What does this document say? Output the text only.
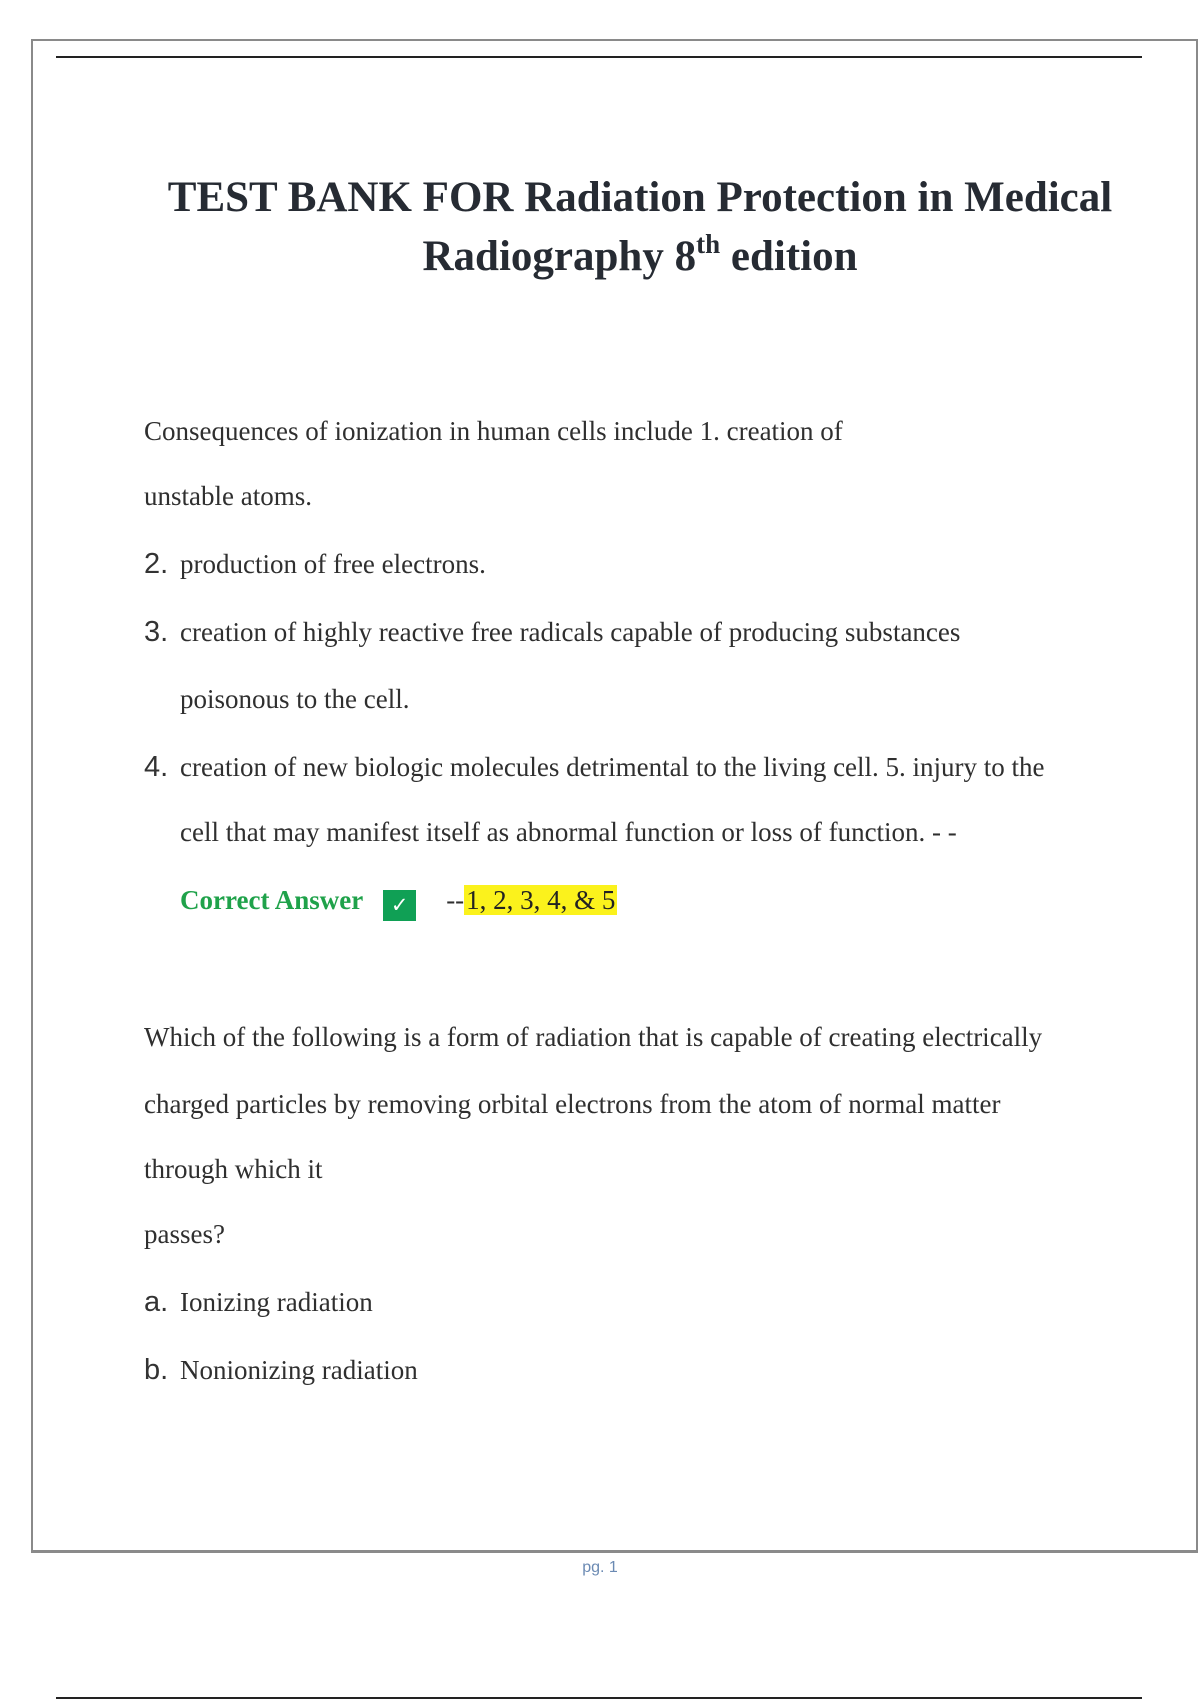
TEST BANK FOR Radiation Protection in Medical
Radiography 8th edition
Consequences of ionization in human cells include 1. creation of
unstable atoms.
2. production of free electrons.
3. creation of highly reactive free radicals capable of producing substances
poisonous to the cell.
4. creation of new biologic molecules detrimental to the living cell. 5. injury to the
cell that may manifest itself as abnormal function or loss of function. - -
Correct Answer ✓ --1, 2, 3, 4, & 5
Which of the following is a form of radiation that is capable of creating electrically
charged particles by removing orbital electrons from the atom of normal matter
through which it
passes?
a. Ionizing radiation
b. Nonionizing radiation
pg. 1
